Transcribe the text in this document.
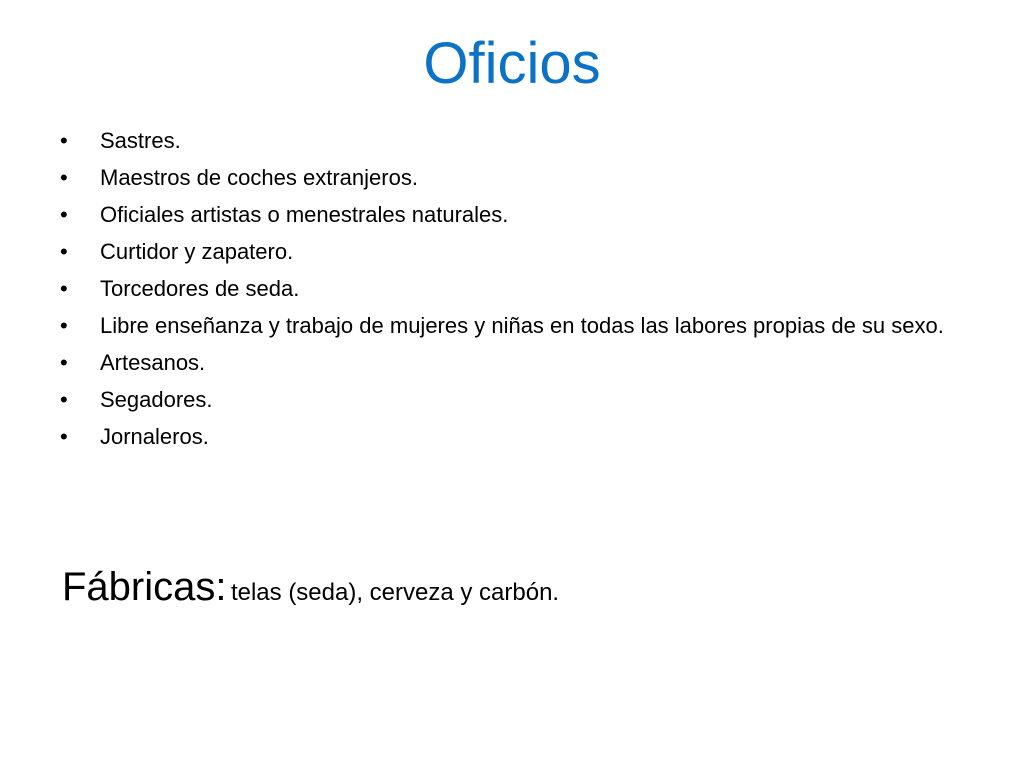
Oficios
•	Sastres.
•	Maestros de coches extranjeros.
•	Oficiales artistas o menestrales naturales.
•	Curtidor y zapatero.
•	Torcedores de seda.
•	Libre enseñanza y trabajo de mujeres y niñas en todas las labores propias de su sexo.
•	Artesanos.
•	Segadores.
•	Jornaleros.

Fábricas: telas (seda), cerveza y carbón.
